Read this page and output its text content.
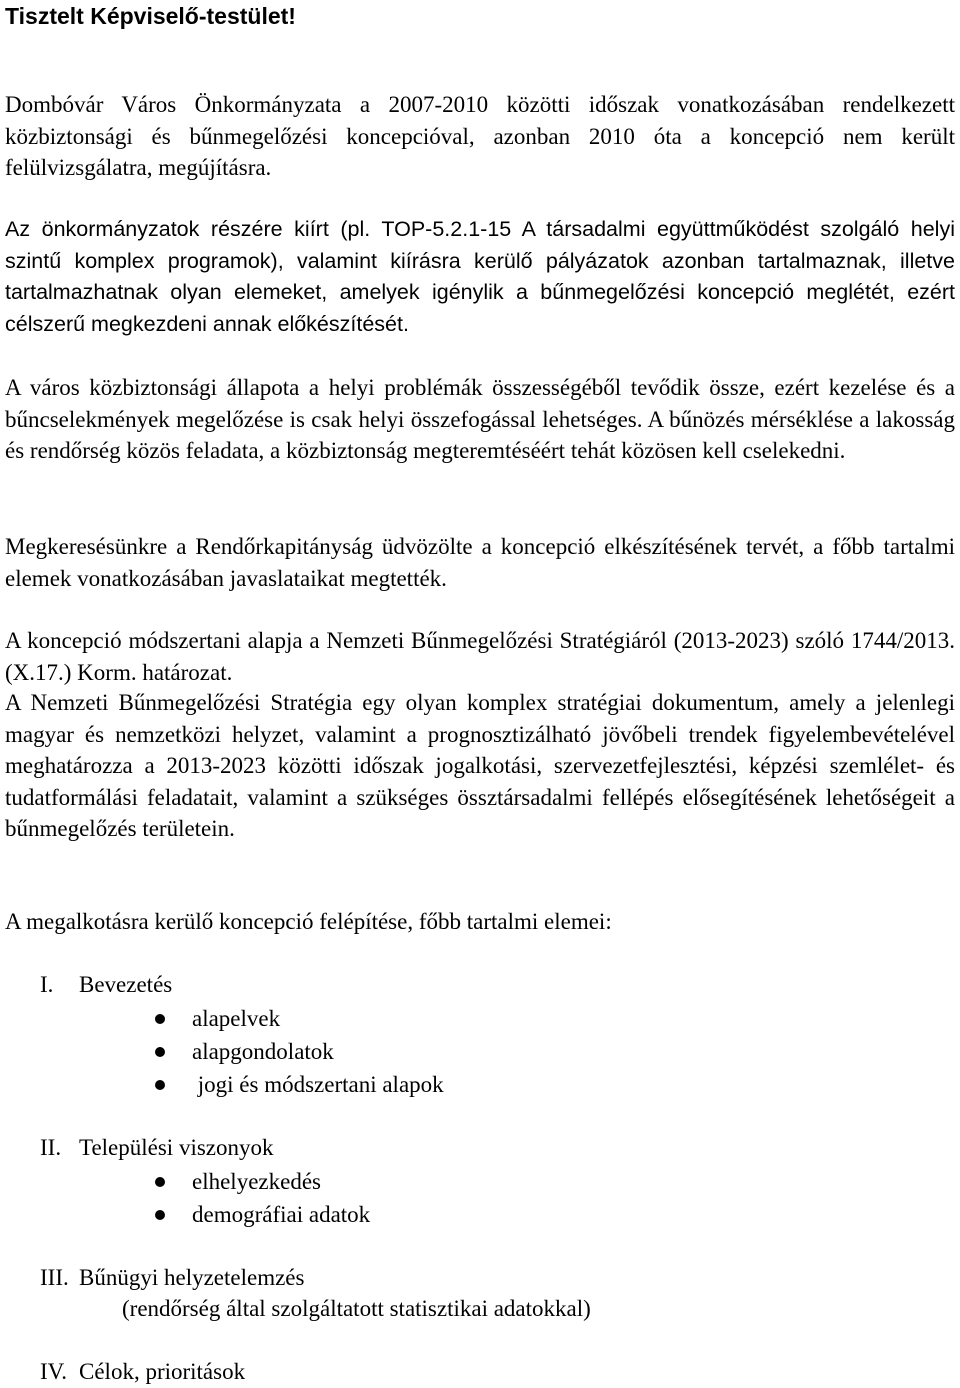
Tisztelt Képviselő-testület!

Dombóvár Város Önkormányzata a 2007-2010 közötti időszak vonatkozásában rendelkezett közbiztonsági és bűnmegelőzési koncepcióval, azonban 2010 óta a koncepció nem került felülvizsgálatra, megújításra.

Az önkormányzatok részére kiírt (pl. TOP-5.2.1-15 A társadalmi együttműködést szolgáló helyi szintű komplex programok), valamint kiírásra kerülő pályázatok azonban tartalmaznak, illetve tartalmazhatnak olyan elemeket, amelyek igénylik a bűnmegelőzési koncepció meglétét, ezért célszerű megkezdeni annak előkészítését.

A város közbiztonsági állapota a helyi problémák összességéből tevődik össze, ezért kezelése és a bűncselekmények megelőzése is csak helyi összefogással lehetséges. A bűnözés mérséklése a lakosság és rendőrség közös feladata, a közbiztonság megteremtéséért tehát közösen kell cselekedni.

Megkeresésünkre a Rendőrkapitányság üdvözölte a koncepció elkészítésének tervét, a főbb tartalmi elemek vonatkozásában javaslataikat megtették.

A koncepció módszertani alapja a Nemzeti Bűnmegelőzési Stratégiáról (2013-2023) szóló 1744/2013. (X.17.) Korm. határozat.

A Nemzeti Bűnmegelőzési Stratégia egy olyan komplex stratégiai dokumentum, amely a jelenlegi magyar és nemzetközi helyzet, valamint a prognosztizálható jövőbeli trendek figyelembevételével meghatározza a 2013-2023 közötti időszak jogalkotási, szervezetfejlesztési, képzési szemlélet- és tudatformálási feladatait, valamint a szükséges össztársadalmi fellépés elősegítésének lehetőségeit a bűnmegelőzés területein.

A megalkotásra kerülő koncepció felépítése, főbb tartalmi elemei:

I. Bevezetés
alapelvek
alapgondolatok
jogi és módszertani alapok
II. Települési viszonyok
elhelyezkedés
demográfiai adatok
III. Bűnügyi helyzetelemzés
(rendőrség által szolgáltatott statisztikai adatokkal)
IV. Célok, prioritások
